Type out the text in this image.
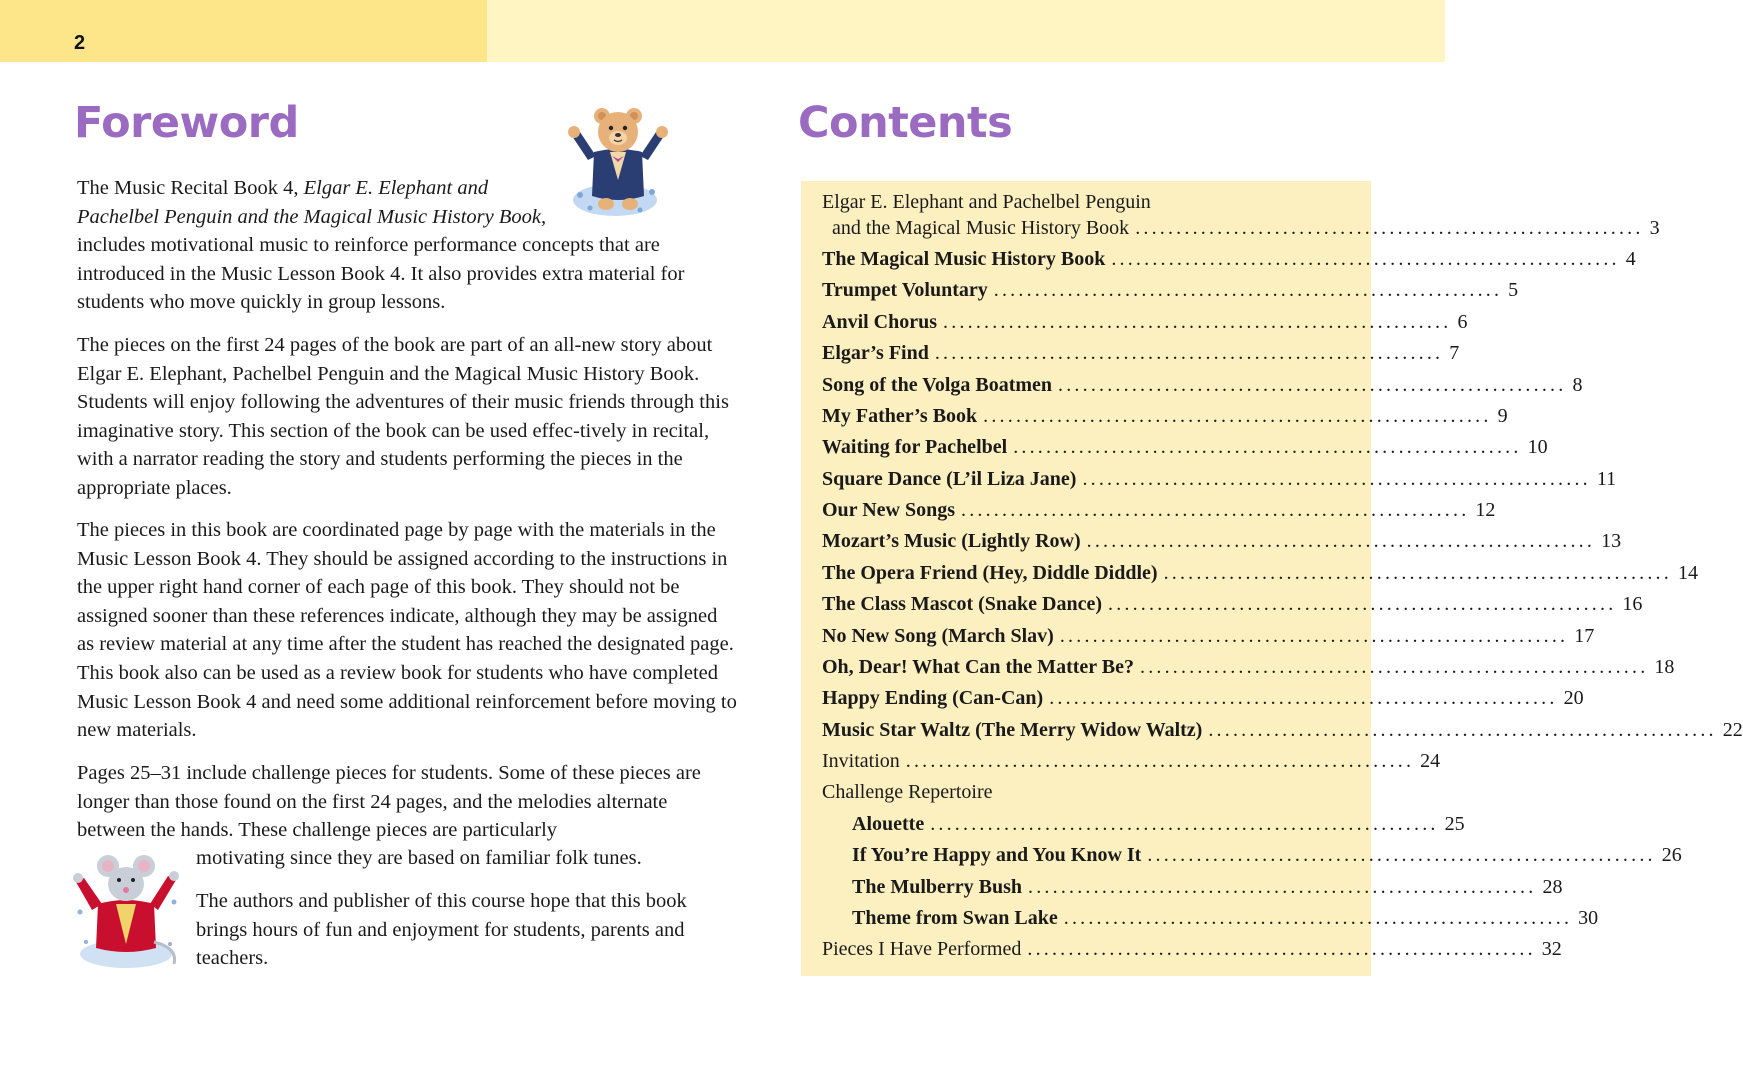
2
Foreword

The Music Recital Book 4, Elgar E. Elephant and Pachelbel Penguin and the Magical Music History Book,

includes motivational music to reinforce performance concepts that are introduced in the Music Lesson Book 4. It also provides extra material for students who move quickly in group lessons.

The pieces on the first 24 pages of the book are part of an all-new story about Elgar E. Elephant, Pachelbel Penguin and the Magical Music History Book. Students will enjoy following the adventures of their music friends through this imaginative story. This section of the book can be used effec-tively in recital, with a narrator reading the story and students performing the pieces in the appropriate places.

The pieces in this book are coordinated page by page with the materials in the Music Lesson Book 4. They should be assigned according to the instructions in the upper right hand corner of each page of this book. They should not be assigned sooner than these references indicate, although they may be assigned as review material at any time after the student has reached the designated page. This book also can be used as a review book for students who have completed Music Lesson Book 4 and need some additional reinforcement before moving to new materials.

Pages 25–31 include challenge pieces for students. Some of these pieces are longer than those found on the first 24 pages, and the melodies alternate between the hands. These challenge pieces are particularly

motivating since they are based on familiar folk tunes.

The authors and publisher of this course hope that this book brings hours of fun and enjoyment for students, parents and teachers.

Contents
Elgar E. Elephant and Pachelbel Penguin
and the Magical Music History Book .............................................................. 3
The Magical Music History Book .............................................................. 4
Trumpet Voluntary .............................................................. 5
Anvil Chorus .............................................................. 6
Elgar’s Find .............................................................. 7
Song of the Volga Boatmen .............................................................. 8
My Father’s Book .............................................................. 9
Waiting for Pachelbel .............................................................. 10
Square Dance (L’il Liza Jane) .............................................................. 11
Our New Songs .............................................................. 12
Mozart’s Music (Lightly Row) .............................................................. 13
The Opera Friend (Hey, Diddle Diddle) .............................................................. 14
The Class Mascot (Snake Dance) .............................................................. 16
No New Song (March Slav) .............................................................. 17
Oh, Dear! What Can the Matter Be? .............................................................. 18
Happy Ending (Can-Can) .............................................................. 20
Music Star Waltz (The Merry Widow Waltz) .............................................................. 22
Invitation .............................................................. 24
Challenge Repertoire
Alouette .............................................................. 25
If You’re Happy and You Know It .............................................................. 26
The Mulberry Bush .............................................................. 28
Theme from Swan Lake .............................................................. 30
Pieces I Have Performed .............................................................. 32
